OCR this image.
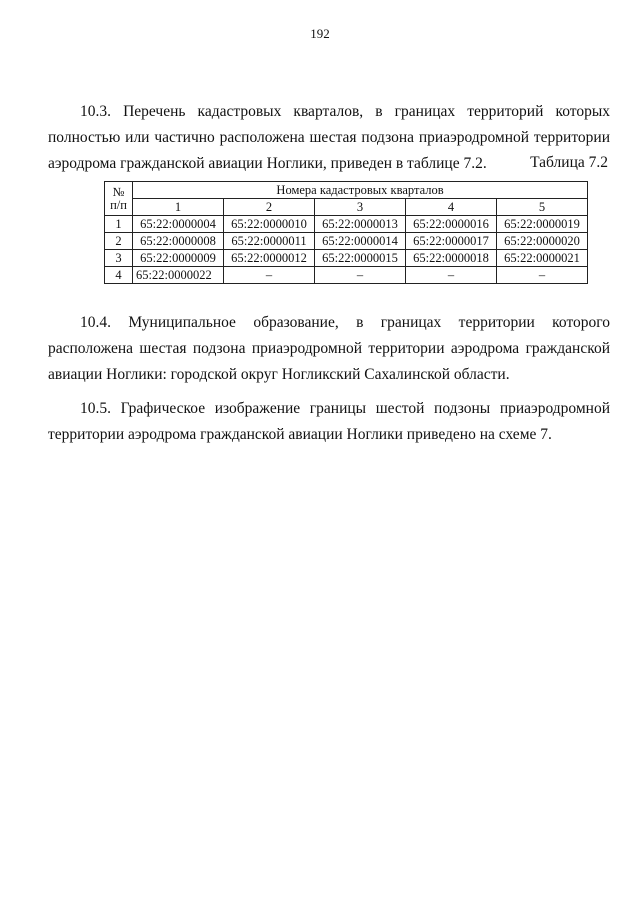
192

10.3. Перечень кадастровых кварталов, в границах территорий которых полностью или частично расположена шестая подзона приаэродромной территории аэродрома гражданской авиации Ноглики, приведен в таблице 7.2.	Таблица 7.2
№
п/п	Номера кадастровых кварталов				
	1	2	3	4	5
1	65:22:0000004	65:22:0000010	65:22:0000013	65:22:0000016	65:22:0000019
2	65:22:0000008	65:22:0000011	65:22:0000014	65:22:0000017	65:22:0000020
3	65:22:0000009	65:22:0000012	65:22:0000015	65:22:0000018	65:22:0000021
4	65:22:0000022	–	–	–	–

10.4. Муниципальное образование, в границах территории которого расположена шестая подзона приаэродромной территории аэродрома гражданской авиации Ноглики: городской округ Ногликский Сахалинской области.

10.5. Графическое изображение границы шестой подзоны приаэродромной территории аэродрома гражданской авиации Ноглики приведено на схеме 7.
